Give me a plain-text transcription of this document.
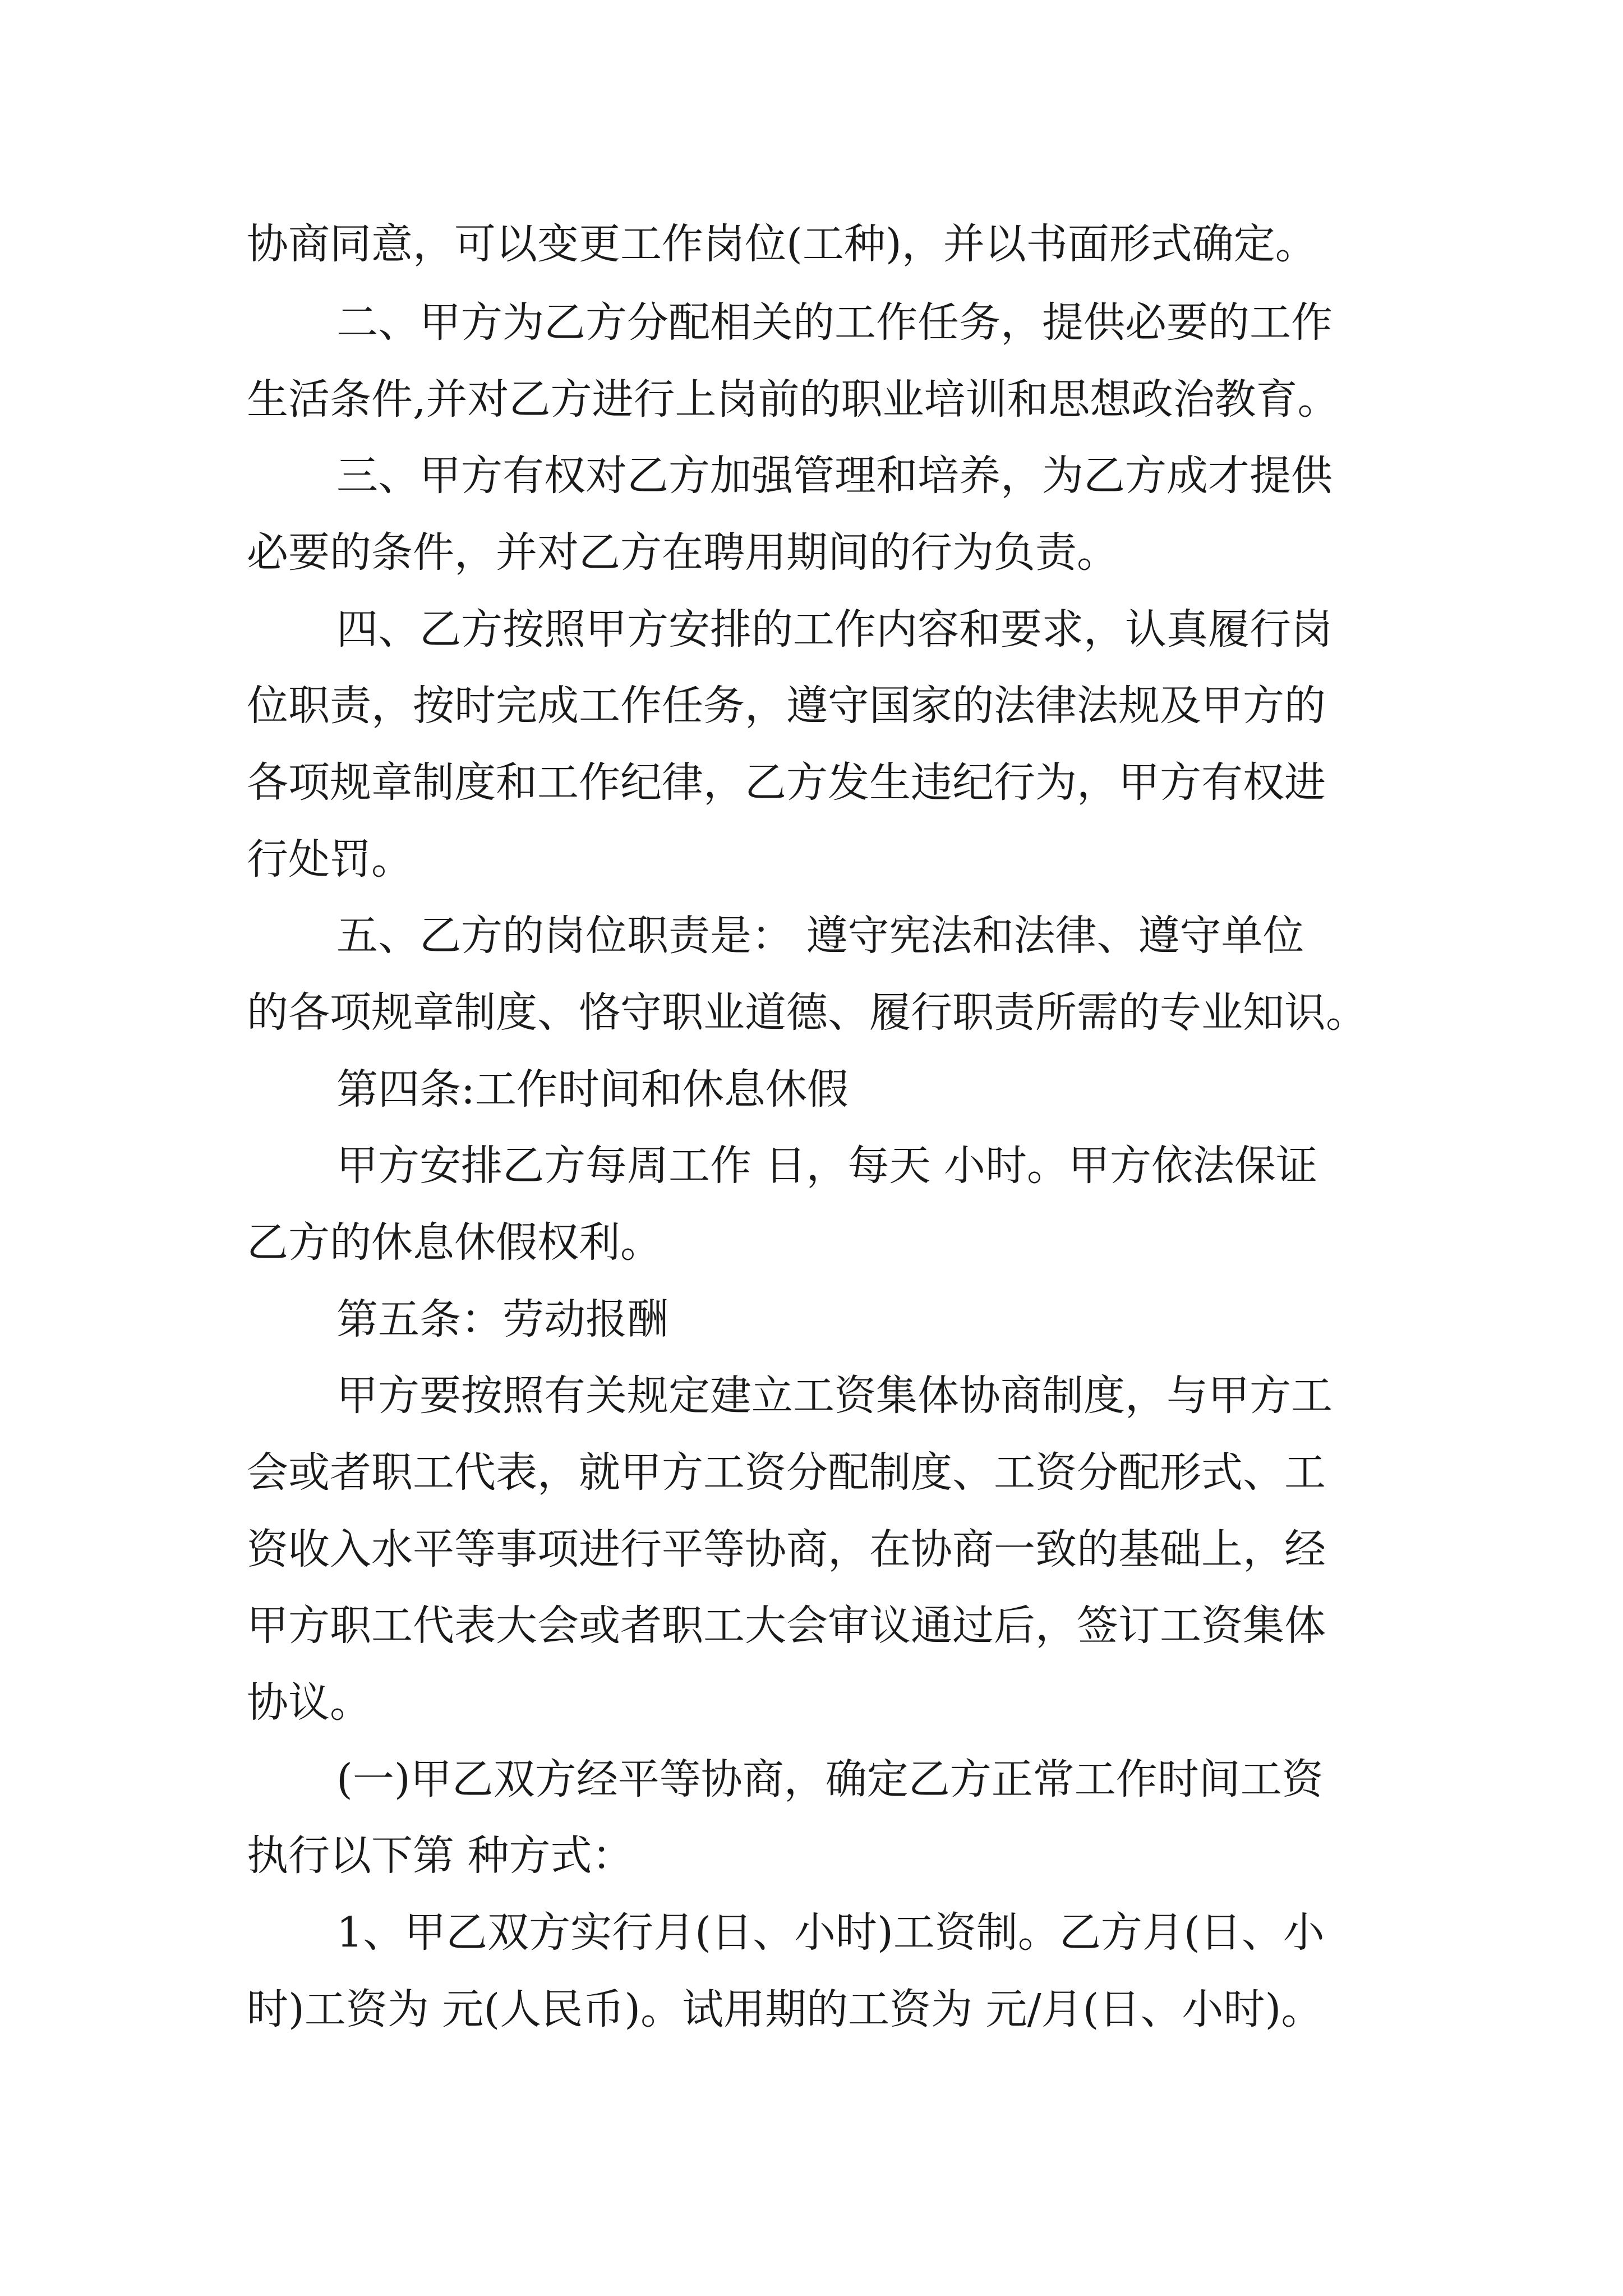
协商同意，可以变更工作岗位(工种)，并以书面形式确定。

二、甲方为乙方分配相关的工作任务，提供必要的工作

生活条件,并对乙方进行上岗前的职业培训和思想政治教育。

三、甲方有权对乙方加强管理和培养，为乙方成才提供

必要的条件，并对乙方在聘用期间的行为负责。

四、乙方按照甲方安排的工作内容和要求，认真履行岗

位职责，按时完成工作任务，遵守国家的法律法规及甲方的

各项规章制度和工作纪律，乙方发生违纪行为，甲方有权进

行处罚。

五、乙方的岗位职责是： 遵守宪法和法律、遵守单位

的各项规章制度、恪守职业道德、履行职责所需的专业知识。

第四条:工作时间和休息休假

甲方安排乙方每周工作 日，每天 小时。甲方依法保证

乙方的休息休假权利。

第五条：劳动报酬

甲方要按照有关规定建立工资集体协商制度，与甲方工

会或者职工代表，就甲方工资分配制度、工资分配形式、工

资收入水平等事项进行平等协商，在协商一致的基础上，经

甲方职工代表大会或者职工大会审议通过后，签订工资集体

协议。

(一)甲乙双方经平等协商，确定乙方正常工作时间工资

执行以下第 种方式：

1、甲乙双方实行月(日、小时)工资制。乙方月(日、小

时)工资为 元(人民币)。试用期的工资为 元/月(日、小时)。
